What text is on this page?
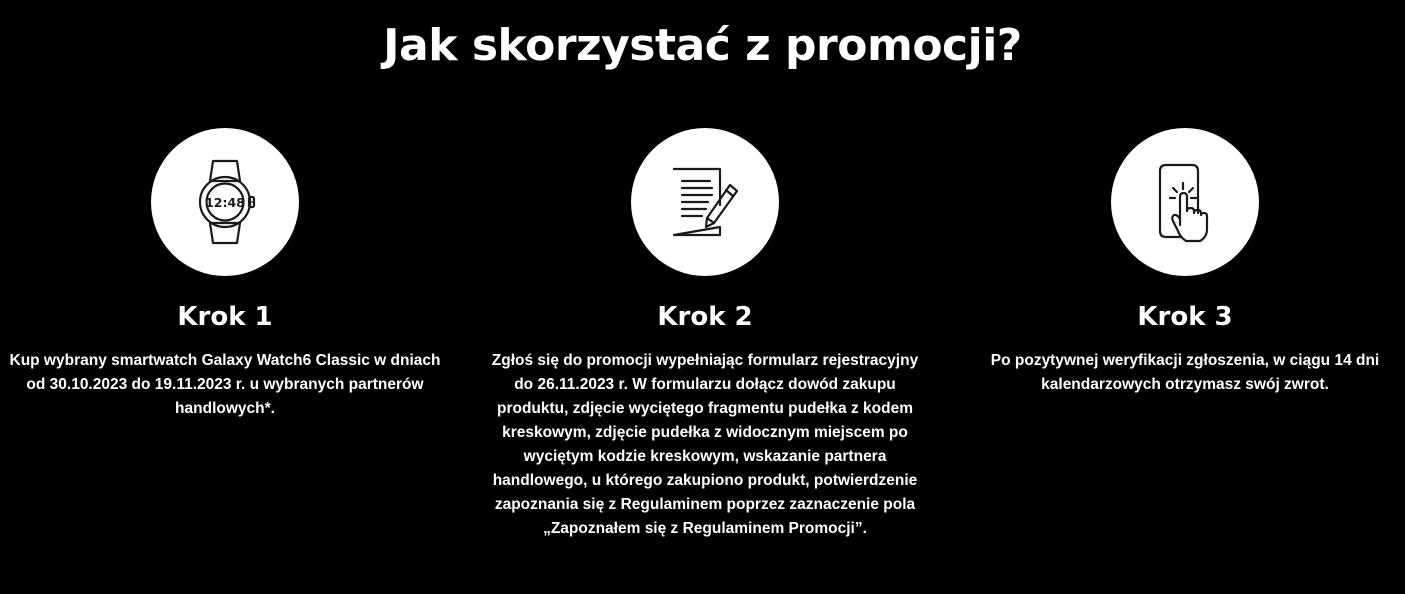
Jak skorzystać z promocji?
12:48
Krok 1

Kup wybrany smartwatch Galaxy Watch6 Classic w dniach od 30.10.2023 do 19.11.2023 r. u wybranych partnerów handlowych*.

Krok 2

Zgłoś się do promocji wypełniając formularz rejestracyjny do 26.11.2023 r. W formularzu dołącz dowód zakupu produktu, zdjęcie wyciętego fragmentu pudełka z kodem kreskowym, zdjęcie pudełka z widocznym miejscem po wyciętym kodzie kreskowym, wskazanie partnera handlowego, u którego zakupiono produkt, potwierdzenie zapoznania się z Regulaminem poprzez zaznaczenie pola „Zapoznałem się z Regulaminem Promocji”.

Krok 3

Po pozytywnej weryfikacji zgłoszenia, w ciągu 14 dni kalendarzowych otrzymasz swój zwrot.
